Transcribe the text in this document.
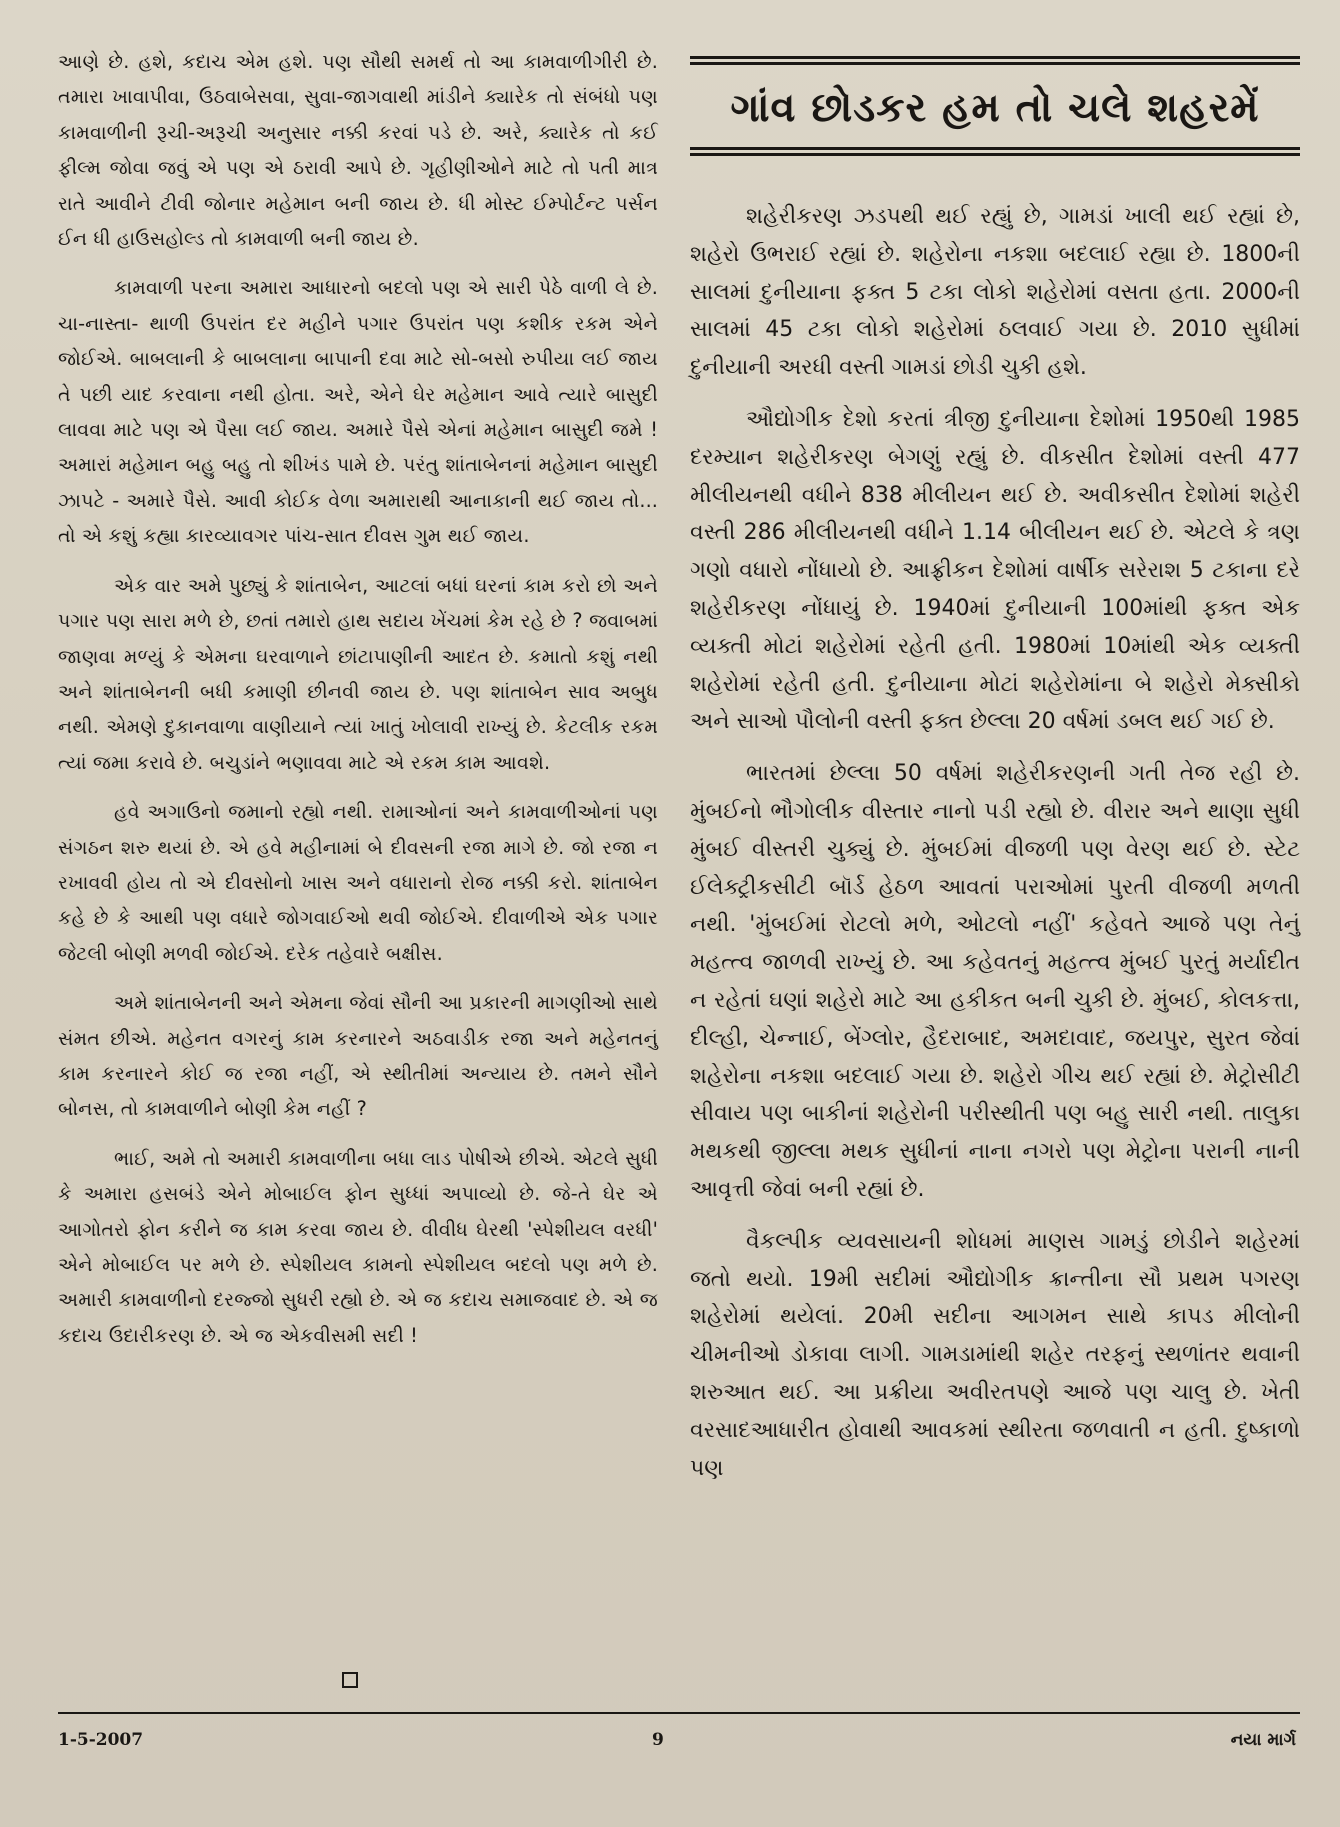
આણે છે. હશે, કદાચ એમ હશે. પણ સૌથી સમર્થ તો આ કામવાળીગીરી છે. તમારા ખાવાપીવા, ઉઠવાબેસવા, સુવા-જાગવાથી માંડીને ક્યારેક તો સંબંધો પણ કામવાળીની રૂચી-અરૂચી અનુસાર નક્કી કરવાં પડે છે. અરે, ક્યારેક તો કઈ ફીલ્મ જોવા જવું એ પણ એ ઠરાવી આપે છે. ગૃહીણીઓને માટે તો પતી માત્ર રાતે આવીને ટીવી જોનાર મહેમાન બની જાય છે. ધી મોસ્ટ ઈમ્પોર્ટન્ટ પર્સન ઈન ધી હાઉસહોલ્ડ તો કામવાળી બની જાય છે.

કામવાળી પરના અમારા આધારનો બદલો પણ એ સારી પેઠે વાળી લે છે. ચા-નાસ્તા- થાળી ઉપરાંત દર મહીને પગાર ઉપરાંત પણ કશીક રકમ એને જોઈએ. બાબલાની કે બાબલાના બાપાની દવા માટે સો-બસો રુપીયા લઈ જાય તે પછી યાદ કરવાના નથી હોતા. અરે, એને ઘેર મહેમાન આવે ત્યારે બાસુદી લાવવા માટે પણ એ પૈસા લઈ જાય. અમારે પૈસે એનાં મહેમાન બાસુદી જમે ! અમારાં મહેમાન બહુ બહુ તો શીખંડ પામે છે. પરંતુ શાંતાબેનનાં મહેમાન બાસુદી ઝાપટે - અમારે પૈસે. આવી કોઈક વેળા અમારાથી આનાકાની થઈ જાય તો... તો એ કશું કહ્યા કારવ્યાવગર પાંચ-સાત દીવસ ગુમ થઈ જાય.

એક વાર અમે પુછ્યું કે શાંતાબેન, આટલાં બધાં ઘરનાં કામ કરો છો અને પગાર પણ સારા મળે છે, છતાં તમારો હાથ સદાય ખેંચમાં કેમ રહે છે ? જવાબમાં જાણવા મળ્યું કે એમના ઘરવાળાને છાંટાપાણીની આદત છે. કમાતો કશું નથી અને શાંતાબેનની બધી કમાણી છીનવી જાય છે. પણ શાંતાબેન સાવ અબુધ નથી. એમણે દુકાનવાળા વાણીયાને ત્યાં ખાતું ખોલાવી રાખ્યું છે. કેટલીક રકમ ત્યાં જમા કરાવે છે. બચુડાંને ભણાવવા માટે એ રકમ કામ આવશે.

હવે અગાઉનો જમાનો રહ્યો નથી. રામાઓનાં અને કામવાળીઓનાં પણ સંગઠન શરુ થયાં છે. એ હવે મહીનામાં બે દીવસની રજા માગે છે. જો રજા ન રખાવવી હોય તો એ દીવસોનો ખાસ અને વધારાનો રોજ નક્કી કરો. શાંતાબેન કહે છે કે આથી પણ વધારે જોગવાઈઓ થવી જોઈએ. દીવાળીએ એક પગાર જેટલી બોણી મળવી જોઈએ. દરેક તહેવારે બક્ષીસ.

અમે શાંતાબેનની અને એમના જેવાં સૌની આ પ્રકારની માગણીઓ સાથે સંમત છીએ. મહેનત વગરનું કામ કરનારને અઠવાડીક રજા અને મહેનતનું કામ કરનારને કોઈ જ રજા નહીં, એ સ્થીતીમાં અન્યાય છે. તમને સૌને બોનસ, તો કામવાળીને બોણી કેમ નહીં ?

ભાઈ, અમે તો અમારી કામવાળીના બધા લાડ પોષીએ છીએ. એટલે સુધી કે અમારા હસબંડે એને મોબાઈલ ફોન સુધ્ધાં અપાવ્યો છે. જે-તે ઘેર એ આગોતરો ફોન કરીને જ કામ કરવા જાય છે. વીવીધ ઘેરથી 'સ્પેશીયલ વરધી' એને મોબાઈલ પર મળે છે. સ્પેશીયલ કામનો સ્પેશીયલ બદલો પણ મળે છે. અમારી કામવાળીનો દરજ્જો સુધરી રહ્યો છે. એ જ કદાચ સમાજવાદ છે. એ જ કદાચ ઉદારીકરણ છે. એ જ એકવીસમી સદી !

ગાંવ છોડકર હમ તો ચલે શહરમેં

શહેરીકરણ ઝડપથી થઈ રહ્યું છે, ગામડાં ખાલી થઈ રહ્યાં છે, શહેરો ઉભરાઈ રહ્યાં છે. શહેરોના નકશા બદલાઈ રહ્યા છે. 1800ની સાલમાં દુનીયાના ફક્ત 5 ટકા લોકો શહેરોમાં વસતા હતા. 2000ની સાલમાં 45 ટકા લોકો શહેરોમાં ઠલવાઈ ગયા છે. 2010 સુધીમાં દુનીયાની અરધી વસ્તી ગામડાં છોડી ચુકી હશે.

ઔદ્યોગીક દેશો કરતાં ત્રીજી દુનીયાના દેશોમાં 1950થી 1985 દરમ્યાન શહેરીકરણ બેગણું રહ્યું છે. વીકસીત દેશોમાં વસ્તી 477 મીલીયનથી વધીને 838 મીલીયન થઈ છે. અવીકસીત દેશોમાં શહેરી વસ્તી 286 મીલીયનથી વધીને 1.14 બીલીયન થઈ છે. એટલે કે ત્રણ ગણો વધારો નોંધાયો છે. આફ્રીકન દેશોમાં વાર્ષીક સરેરાશ 5 ટકાના દરે શહેરીકરણ નોંધાયું છે. 1940માં દુનીયાની 100માંથી ફક્ત એક વ્યક્તી મોટાં શહેરોમાં રહેતી હતી. 1980માં 10માંથી એક વ્યક્તી શહેરોમાં રહેતી હતી. દુનીયાના મોટાં શહેરોમાંના બે શહેરો મેક્સીકો અને સાઓ પૌલોની વસ્તી ફક્ત છેલ્લા 20 વર્ષમાં ડબલ થઈ ગઈ છે.

ભારતમાં છેલ્લા 50 વર્ષમાં શહેરીકરણની ગતી તેજ રહી છે. મુંબઈનો ભૌગોલીક વીસ્તાર નાનો પડી રહ્યો છે. વીરાર અને થાણા સુધી મુંબઈ વીસ્તરી ચુક્યું છે. મુંબઈમાં વીજળી પણ વેરણ થઈ છે. સ્ટેટ ઈલેક્ટ્રીકસીટી બૉર્ડ હેઠળ આવતાં પરાઓમાં પુરતી વીજળી મળતી નથી. 'મુંબઈમાં રોટલો મળે, ઓટલો નહીં' કહેવતે આજે પણ તેનું મહત્ત્વ જાળવી રાખ્યું છે. આ કહેવતનું મહત્ત્વ મુંબઈ પુરતું મર્યાદીત ન રહેતાં ઘણાં શહેરો માટે આ હકીકત બની ચુકી છે. મુંબઈ, કોલકત્તા, દીલ્હી, ચેન્નાઈ, બેંગ્લોર, હૈદરાબાદ, અમદાવાદ, જયપુર, સુરત જેવાં શહેરોના નકશા બદલાઈ ગયા છે. શહેરો ગીચ થઈ રહ્યાં છે. મેટ્રોસીટી સીવાય પણ બાકીનાં શહેરોની પરીસ્થીતી પણ બહુ સારી નથી. તાલુકા મથકથી જીલ્લા મથક સુધીનાં નાના નગરો પણ મેટ્રોના પરાની નાની આવૃત્તી જેવાં બની રહ્યાં છે.

વૈકલ્પીક વ્યવસાયની શોધમાં માણસ ગામડું છોડીને શહેરમાં જતો થયો. 19મી સદીમાં ઔદ્યોગીક ક્રાન્તીના સૌ પ્રથમ પગરણ શહેરોમાં થયેલાં. 20મી સદીના આગમન સાથે કાપડ મીલોની ચીમનીઓ ડોકાવા લાગી. ગામડામાંથી શહેર તરફનું સ્થળાંતર થવાની શરુઆત થઈ. આ પ્રક્રીયા અવીરતપણે આજે પણ ચાલુ છે. ખેતી વરસાદઆધારીત હોવાથી આવકમાં સ્થીરતા જળવાતી ન હતી. દુષ્કાળો પણ

1-5-2007	9	નયા માર્ગ
